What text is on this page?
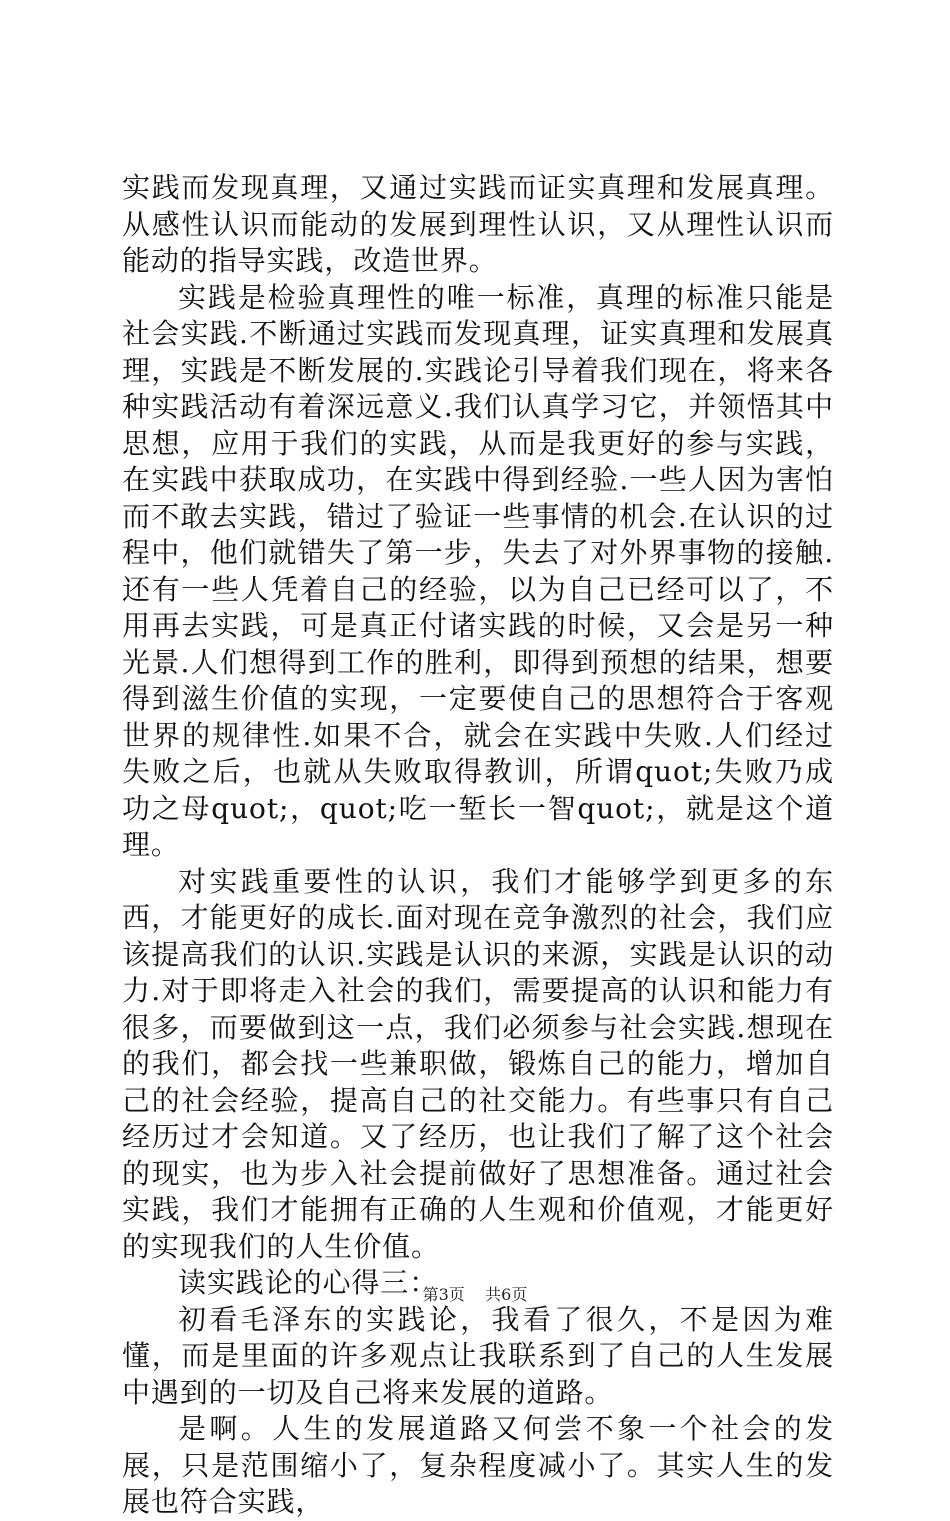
实践而发现真理，又通过实践而证实真理和发展真理。从感性认识而能动的发展到理性认识，又从理性认识而能动的指导实践，改造世界。

实践是检验真理性的唯一标准，真理的标准只能是社会实践.不断通过实践而发现真理，证实真理和发展真理，实践是不断发展的.实践论引导着我们现在，将来各种实践活动有着深远意义.我们认真学习它，并领悟其中思想，应用于我们的实践，从而是我更好的参与实践，在实践中获取成功，在实践中得到经验.一些人因为害怕而不敢去实践，错过了验证一些事情的机会.在认识的过程中，他们就错失了第一步，失去了对外界事物的接触.还有一些人凭着自己的经验，以为自己已经可以了，不用再去实践，可是真正付诸实践的时候，又会是另一种光景.人们想得到工作的胜利，即得到预想的结果，想要得到滋生价值的实现，一定要使自己的思想符合于客观世界的规律性.如果不合，就会在实践中失败.人们经过失败之后，也就从失败取得教训，所谓quot;失败乃成功之母quot;，quot;吃一堑长一智quot;，就是这个道理。

对实践重要性的认识，我们才能够学到更多的东西，才能更好的成长.面对现在竞争激烈的社会，我们应该提高我们的认识.实践是认识的来源，实践是认识的动力.对于即将走入社会的我们，需要提高的认识和能力有很多，而要做到这一点，我们必须参与社会实践.想现在的我们，都会找一些兼职做，锻炼自己的能力，增加自己的社会经验，提高自己的社交能力。有些事只有自己经历过才会知道。又了经历，也让我们了解了这个社会的现实，也为步入社会提前做好了思想准备。通过社会实践，我们才能拥有正确的人生观和价值观，才能更好的实现我们的人生价值。

读实践论的心得三：

初看毛泽东的实践论，我看了很久，不是因为难懂，而是里面的许多观点让我联系到了自己的人生发展中遇到的一切及自己将来发展的道路。

是啊。人生的发展道路又何尝不象一个社会的发展，只是范围缩小了，复杂程度减小了。其实人生的发展也符合实践，

第3页 共6页
